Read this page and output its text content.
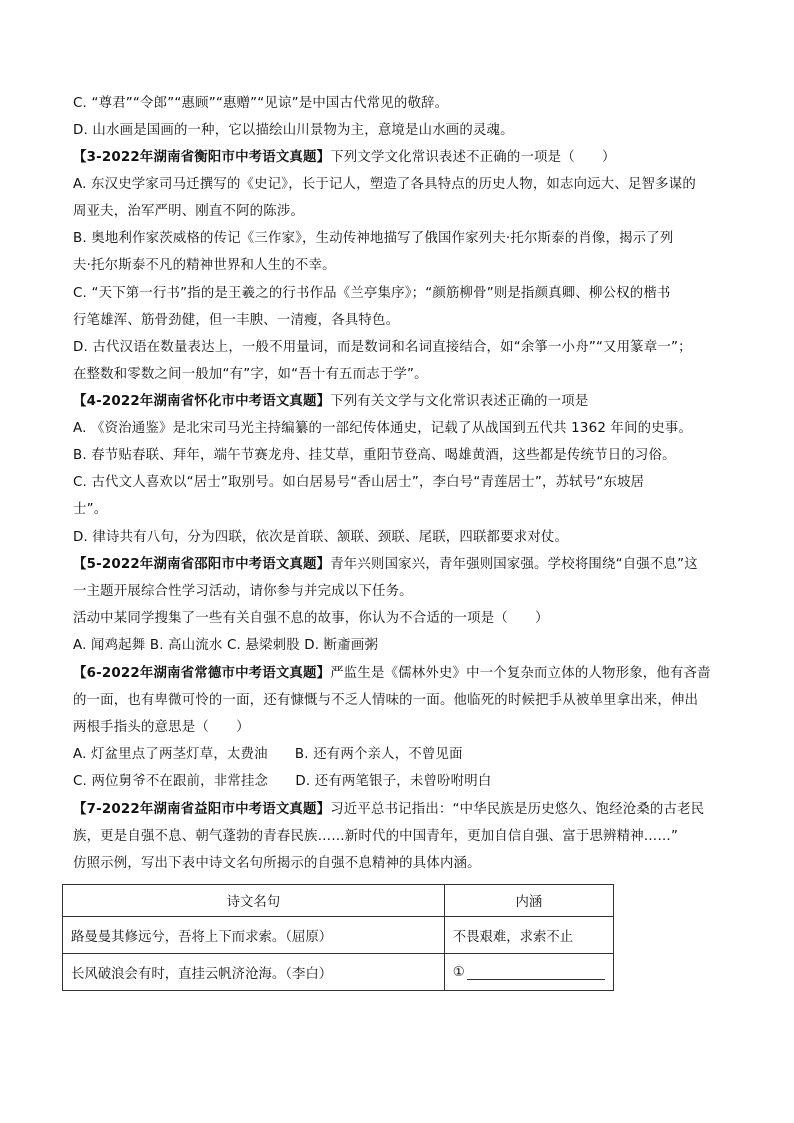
C. “尊君”“令郎”“惠顾”“惠赠”“见谅”是中国古代常见的敬辞。
D. 山水画是国画的一种，它以描绘山川景物为主，意境是山水画的灵魂。
【3-2022年湖南省衡阳市中考语文真题】下列文学文化常识表述不正确的一项是（　　）
A. 东汉史学家司马迁撰写的《史记》，长于记人，塑造了各具特点的历史人物，如志向远大、足智多谋的
周亚夫，治军严明、刚直不阿的陈涉。
B. 奥地利作家茨威格的传记《三作家》，生动传神地描写了俄国作家列夫·托尔斯泰的肖像，揭示了列
夫·托尔斯泰不凡的精神世界和人生的不幸。
C. “天下第一行书”指的是王羲之的行书作品《兰亭集序》；“颜筋柳骨”则是指颜真卿、柳公权的楷书
行笔雄浑、筋骨劲健，但一丰腴、一清瘦，各具特色。
D. 古代汉语在数量表达上，一般不用量词，而是数词和名词直接结合，如“余箏一小舟”“又用篆章一”；
在整数和零数之间一般加“有”字，如“吾十有五而志于学”。
【4-2022年湖南省怀化市中考语文真题】下列有关文学与文化常识表述正确的一项是
A. 《资治通鉴》是北宋司马光主持编纂的一部纪传体通史，记载了从战国到五代共 1362 年间的史事。
B. 春节贴春联、拜年，端午节赛龙舟、挂艾草，重阳节登高、喝雄黄酒，这些都是传统节日的习俗。
C. 古代文人喜欢以“居士”取别号。如白居易号“香山居士”，李白号“青莲居士”，苏轼号“东坡居
士”。
D. 律诗共有八句，分为四联，依次是首联、颔联、颈联、尾联，四联都要求对仗。
【5-2022年湖南省邵阳市中考语文真题】青年兴则国家兴，青年强则国家强。学校将围绕“自强不息”这
一主题开展综合性学习活动，请你参与并完成以下任务。
活动中某同学搜集了一些有关自强不息的故事，你认为不合适的一项是（　　）
A. 闻鸡起舞 B. 高山流水 C. 悬梁刺股 D. 断齑画粥
【6-2022年湖南省常德市中考语文真题】严监生是《儒林外史》中一个复杂而立体的人物形象，他有吝啬
的一面，也有卑微可怜的一面，还有慷慨与不乏人情味的一面。他临死的时候把手从被单里拿出来，伸出
两根手指头的意思是（　　）
A. 灯盆里点了两茎灯草，太费油　　B. 还有两个亲人，不曾见面
C. 两位舅爷不在跟前，非常挂念　　D. 还有两笔银子，未曾吩咐明白
【7-2022年湖南省益阳市中考语文真题】习近平总书记指出：“中华民族是历史悠久、饱经沧桑的古老民
族，更是自强不息、朝气蓬勃的青春民族……新时代的中国青年，更加自信自强、富于思辨精神……”
仿照示例，写出下表中诗文名句所揭示的自强不息精神的具体内涵。
诗文名句	内涵
路曼曼其修远兮，吾将上下而求索。（屈原）	不畏艰难，求索不止
长风破浪会有时，直挂云帆济沧海。（李白）	①
